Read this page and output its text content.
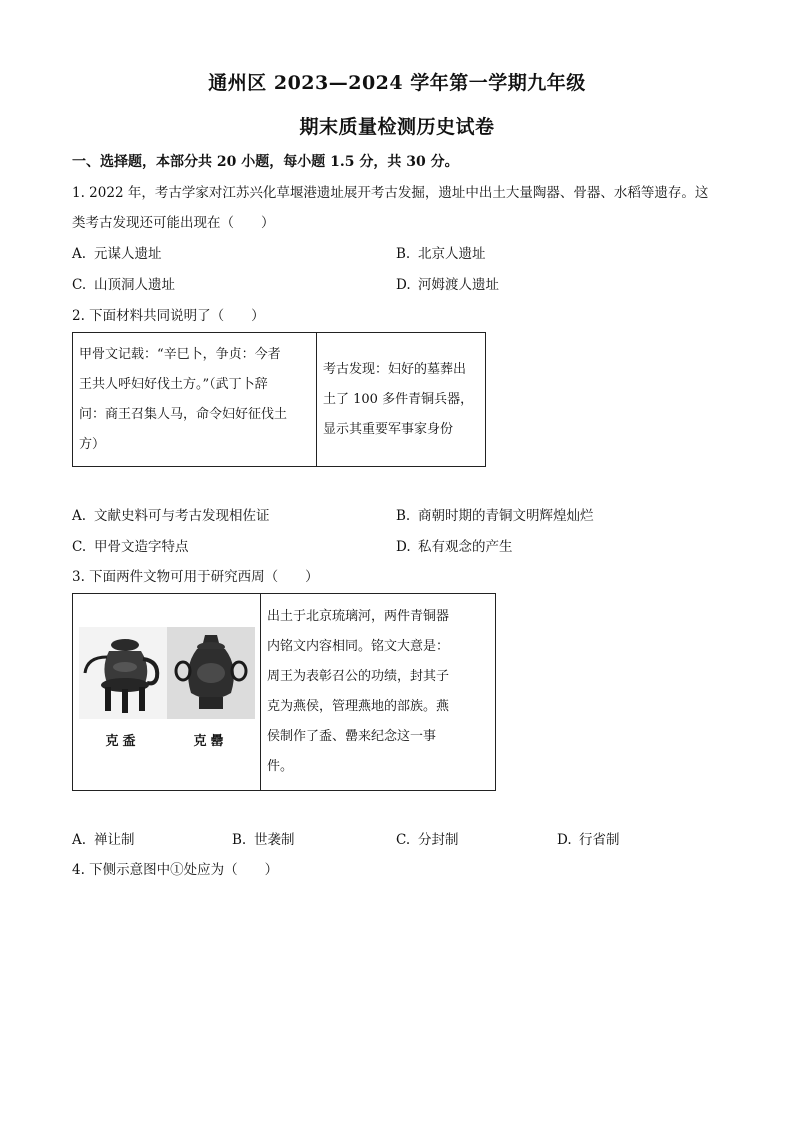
通州区 2023—2024 学年第一学期九年级
期末质量检测历史试卷
一、选择题，本部分共 20 小题，每小题 1.5 分，共 30 分。
1. 2022 年，考古学家对江苏兴化草堰港遗址展开考古发掘，遗址中出土大量陶器、骨器、水稻等遗存。这
类考古发现还可能出现在（　　）
A. 元谋人遗址	B. 北京人遗址
C. 山顶洞人遗址	D. 河姆渡人遗址
2. 下面材料共同说明了（　　）
甲骨文记载：“辛巳卜，争贞：今者
王共人呼妇好伐土方。”（武丁卜辞
问：商王召集人马，命令妇好征伐土
方）

考古发现：妇好的墓葬出
土了 100 多件青铜兵器，
显示其重要军事家身份
A. 文献史料可与考古发现相佐证	B. 商朝时期的青铜文明辉煌灿烂
C. 甲骨文造字特点	D. 私有观念的产生
3. 下面两件文物可用于研究西周（　　）
克盉	克罍

出土于北京琉璃河，两件青铜器
内铭文内容相同。铭文大意是：
周王为表彰召公的功绩，封其子
克为燕侯，管理燕地的部族。燕
侯制作了盉、罍来纪念这一事
件。
A. 禅让制	B. 世袭制	C. 分封制	D. 行省制
4. 下侧示意图中①处应为（　　）
